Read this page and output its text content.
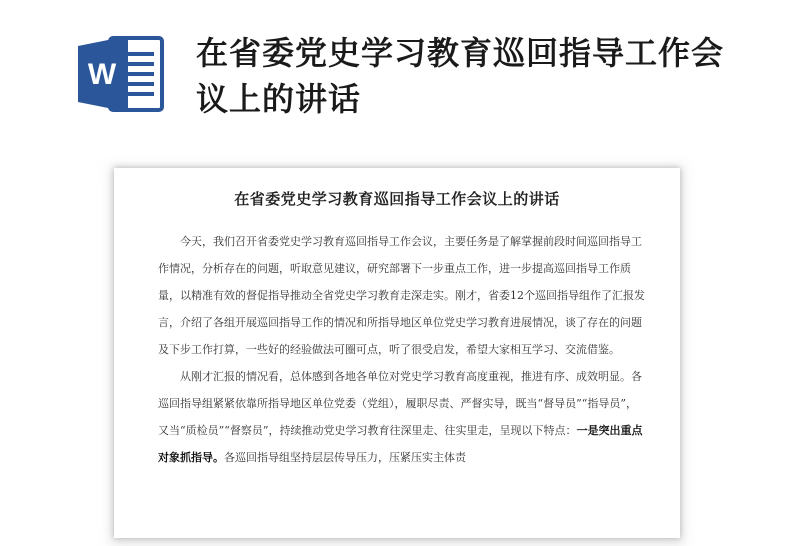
W
在省委党史学习教育巡回指导工作会议上的讲话
在省委党史学习教育巡回指导工作会议上的讲话

今天，我们召开省委党史学习教育巡回指导工作会议，主要任务是了解掌握前段时间巡回指导工作情况，分析存在的问题，听取意见建议，研究部署下一步重点工作，进一步提高巡回指导工作质量，以精准有效的督促指导推动全省党史学习教育走深走实。刚才，省委12个巡回指导组作了汇报发言，介绍了各组开展巡回指导工作的情况和所指导地区单位党史学习教育进展情况，谈了存在的问题及下步工作打算，一些好的经验做法可圈可点，听了很受启发，希望大家相互学习、交流借鉴。

从刚才汇报的情况看，总体感到各地各单位对党史学习教育高度重视，推进有序、成效明显。各巡回指导组紧紧依靠所指导地区单位党委（党组），履职尽责、严督实导，既当“督导员”“指导员”，又当“质检员”“督察员”，持续推动党史学习教育往深里走、往实里走，呈现以下特点：一是突出重点对象抓指导。各巡回指导组坚持层层传导压力，压紧压实主体责
